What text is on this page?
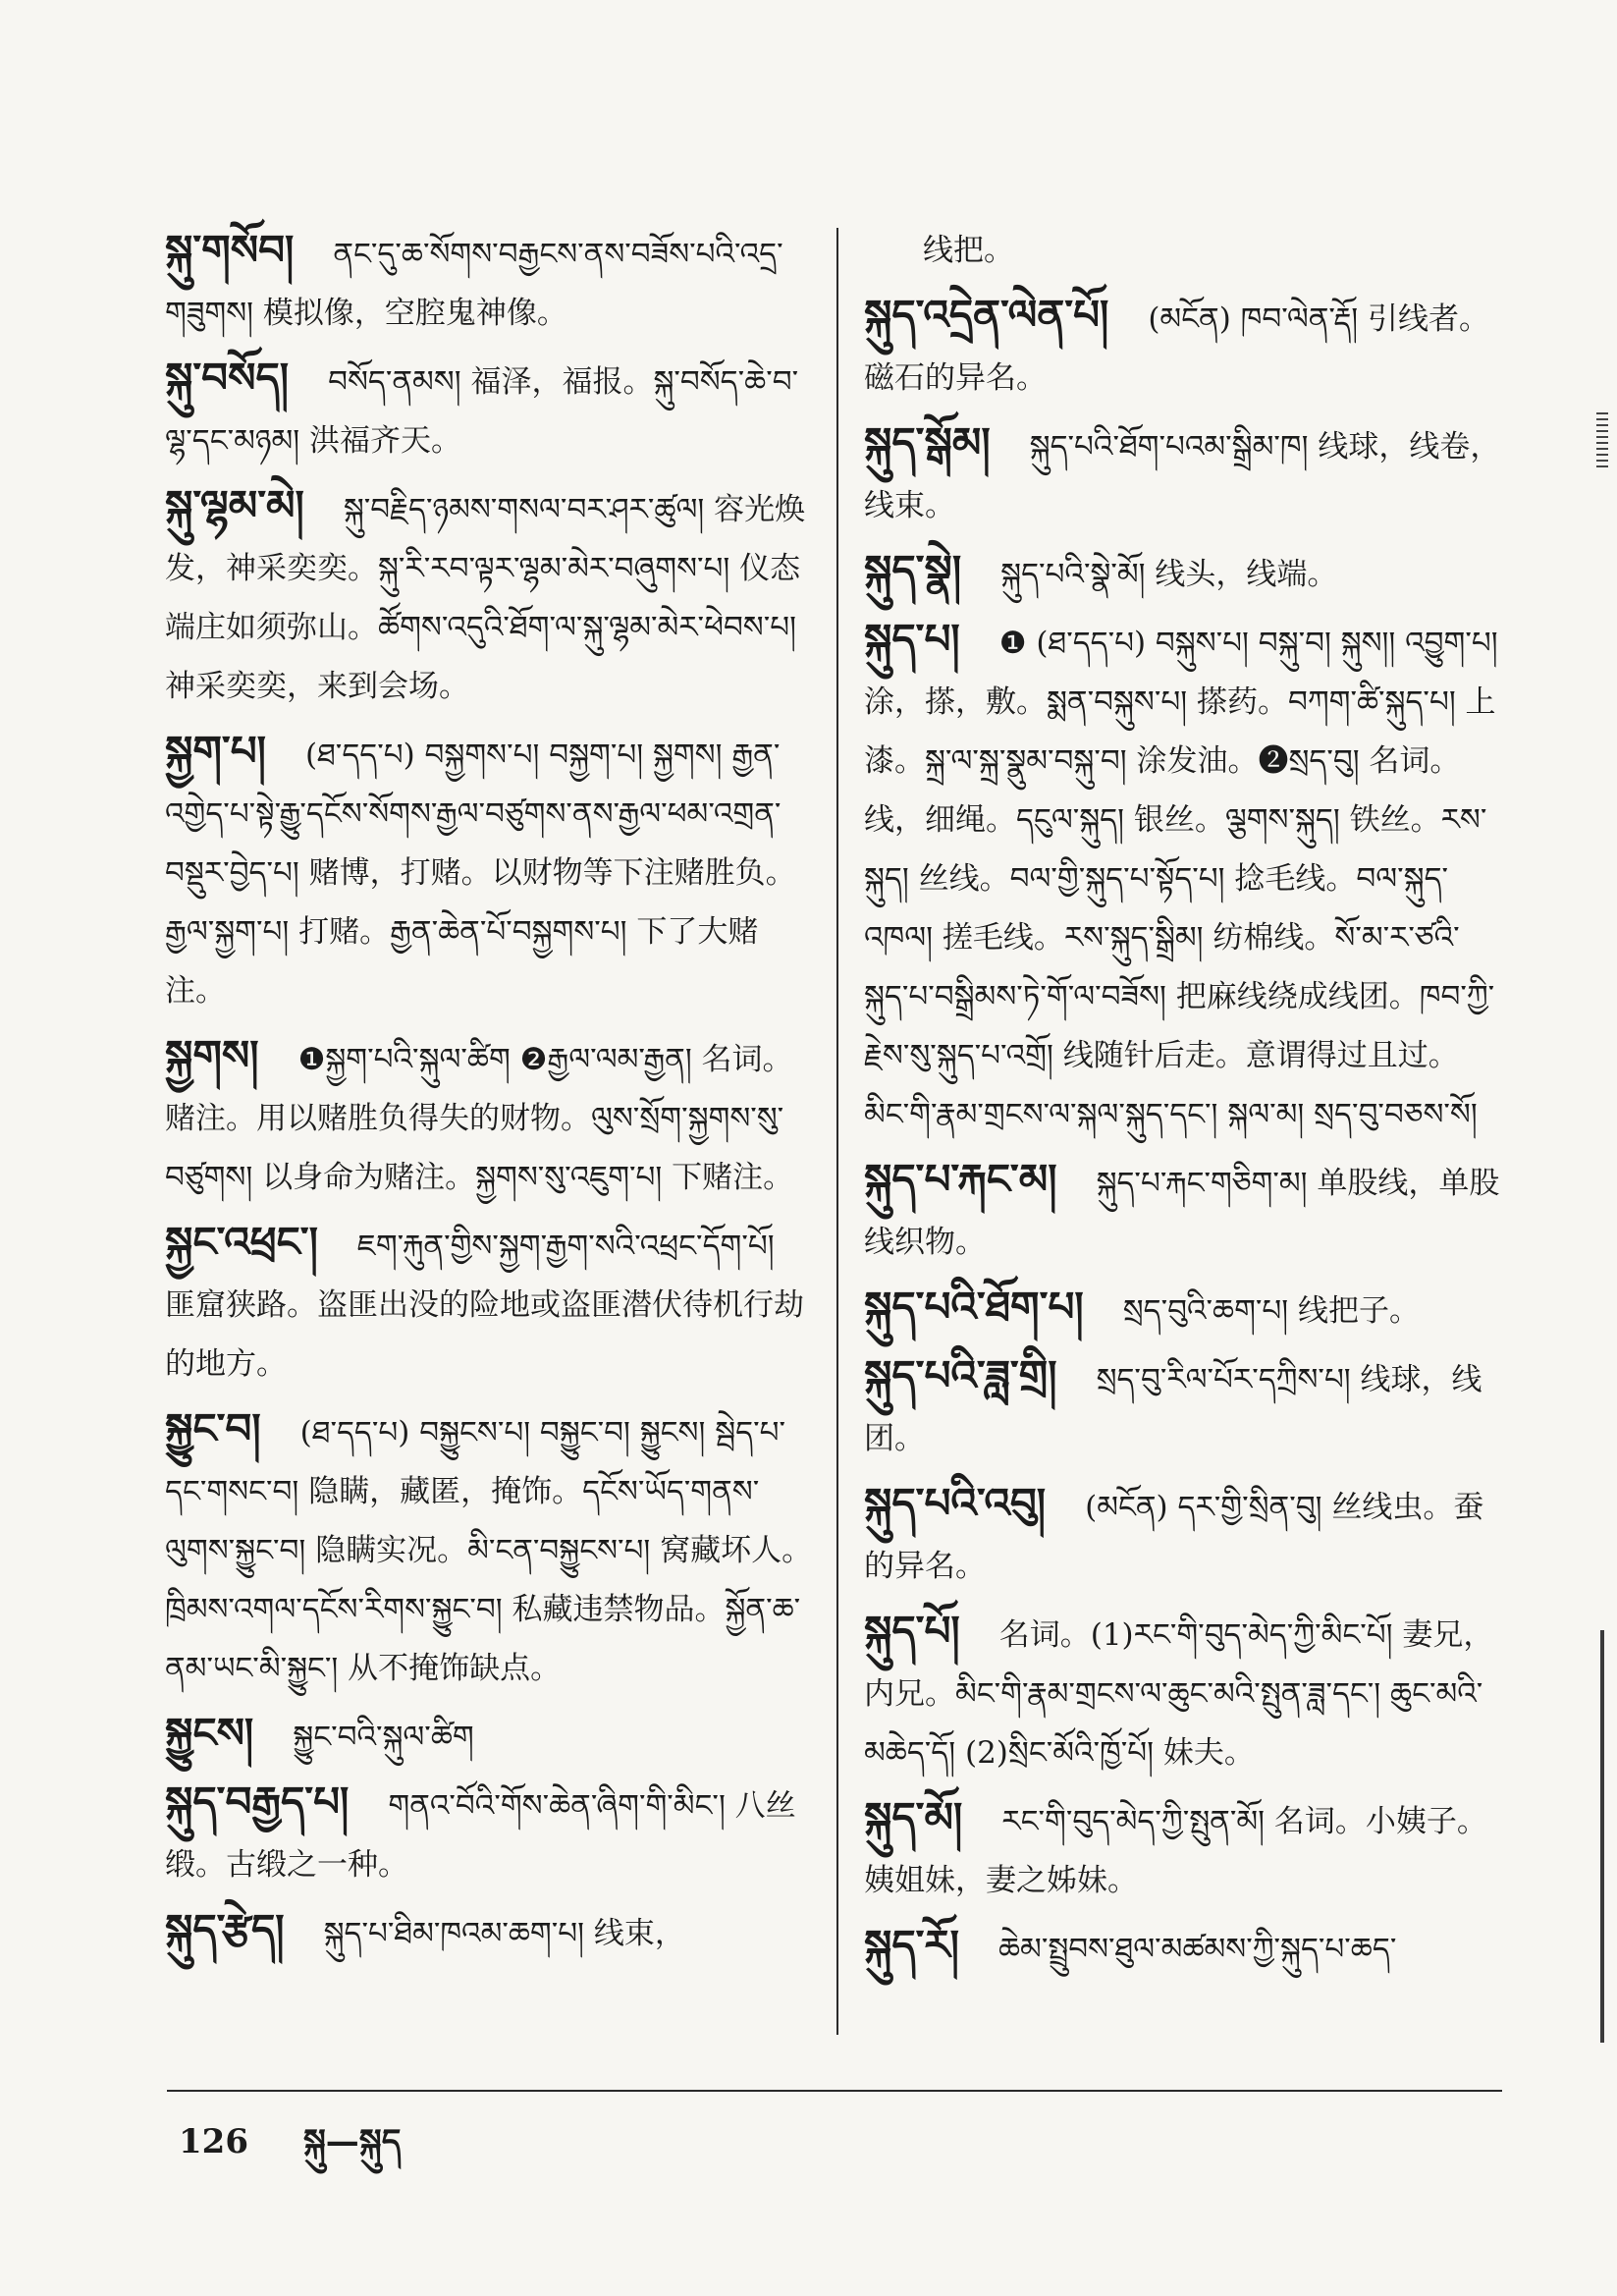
སྐུ་གསོབ། ནང་དུ་ཆ་སོགས་བརྒྱངས་ནས་བཟོས་པའི་འདྲ་གཟུགས། 模拟像，空腔鬼神像。
སྐུ་བསོད། བསོད་ནམས། 福泽，福报。སྐུ་བསོད་ཆེ་བ་ལྷ་དང་མཉམ། 洪福齐天。
སྐུ་ལྷམ་མེ། སྐུ་བརྗིད་ཉམས་གསལ་བར་ཤར་ཚུལ། 容光焕发，神采奕奕。སྐུ་རི་རབ་ལྟར་ལྷམ་མེར་བཞུགས་པ། 仪态端庄如须弥山。ཚོགས་འདུའི་ཐོག་ལ་སྐུ་ལྷམ་མེར་ཕེབས་པ། 神采奕奕，来到会场。
སྐྱག་པ། (ཐ་དད་པ) བསྐྱགས་པ། བསྐྱག་པ། སྐྱགས། རྒྱན་འགྱེད་པ་སྟེ་རྒྱུ་དངོས་སོགས་རྒྱལ་བཙུགས་ནས་རྒྱལ་ཕམ་འགྲན་བསྡུར་བྱེད་པ། 赌博，打赌。以财物等下注赌胜负。རྒྱལ་སྐྱག་པ། 打赌。རྒྱན་ཆེན་པོ་བསྐྱགས་པ། 下了大赌注。
སྐྱགས། ❶སྐྱག་པའི་སྐུལ་ཚིག ❷རྒྱལ་ལམ་རྒྱན། 名词。赌注。用以赌胜负得失的财物。ལུས་སྲོག་སྐྱགས་སུ་བཙུགས། 以身命为赌注。སྐྱགས་སུ་འཇུག་པ། 下赌注。
སྐྱང་འཕྲང་། ཇག་རྐུན་གྱིས་སྐྱག་རྒྱག་སའི་འཕྲང་དོག་པོ། 匪窟狭路。盗匪出没的险地或盗匪潜伏待机行劫的地方。
སྐྱུང་བ། (ཐ་དད་པ) བསྐྱུངས་པ། བསྐྱུང་བ། སྐྱུངས། སྦེད་པ་དང་གསང་བ། 隐瞒，藏匿，掩饰。དངོས་ཡོད་གནས་ལུགས་སྐྱུང་བ། 隐瞒实况。མི་ངན་བསྐྱུངས་པ། 窝藏坏人。ཁྲིམས་འགལ་དངོས་རིགས་སྐྱུང་བ། 私藏违禁物品。སྐྱོན་ཆ་ནམ་ཡང་མི་སྐྱུང་། 从不掩饰缺点。
སྐྱུངས། སྐྱུང་བའི་སྐུལ་ཚིག
སྐུད་བརྒྱད་པ། གནའ་བོའི་གོས་ཆེན་ཞིག་གི་མིང་། 八丝缎。古缎之一种。
སྐུད་རྩེད། སྐུད་པ་ཐིམ་ཁའམ་ཆག་པ། 线束，
线把。
སྐུད་འདྲེན་ལེན་པོ། (མངོན) ཁབ་ལེན་རྡོ། 引线者。磁石的异名。
སྐུད་སྒོམ། སྐུད་པའི་ཐོག་པའམ་སྒྲིམ་ཁ། 线球，线卷，线束。
སྐུད་སྣེ། སྐུད་པའི་སྣེ་མོ། 线头，线端。
སྐུད་པ། ❶ (ཐ་དད་པ) བསྐུས་པ། བསྐུ་བ། སྐུས།། འབྱུག་པ། 涂，搽，敷。སྨན་བསྐུས་པ། 搽药。བཀག་ཚི་སྐུད་པ། 上漆。སྐྲ་ལ་སྐྲ་སྣུམ་བསྐུ་བ། 涂发油。❷སྲད་བུ། 名词。线，细绳。དངུལ་སྐུད། 银丝。ལྕགས་སྐུད། 铁丝。རས་སྐུད། 丝线。བལ་གྱི་སྐུད་པ་སྟོད་པ། 捻毛线。བལ་སྐུད་འཁལ། 搓毛线。རས་སྐུད་སྒྲིམ། 纺棉线。སོ་མ་ར་ཙའི་སྐུད་པ་བསྒྲིམས་ཏེ་གོ་ལ་བཟོས། 把麻线绕成线团。ཁབ་ཀྱི་རྗེས་སུ་སྐུད་པ་འགྲོ། 线随针后走。意谓得过且过。མིང་གི་རྣམ་གྲངས་ལ་སྐལ་སྐུད་དང་། སྐལ་མ། སྲད་བུ་བཅས་སོ།
སྐུད་པ་རྐང་མ། སྐུད་པ་རྐང་གཅིག་མ། 单股线，单股线织物。
སྐུད་པའི་ཐོག་པ། སྲད་བུའི་ཆག་པ། 线把子。
སྐུད་པའི་ཟླ་གྲི། སྲད་བུ་རིལ་པོར་དཀྲིས་པ། 线球，线团。
སྐུད་པའི་འབུ། (མངོན) དར་གྱི་སྲིན་བུ། 丝线虫。蚕的异名。
སྐུད་པོ། 名词。(1)རང་གི་བུད་མེད་ཀྱི་མིང་པོ། 妻兄，内兄。མིང་གི་རྣམ་གྲངས་ལ་ཆུང་མའི་སྤུན་ཟླ་དང་། ཆུང་མའི་མཆེད་དོ། (2)སྲིང་མོའི་ཁྱོ་པོ། 妹夫。
སྐུད་མོ། རང་གི་བུད་མེད་ཀྱི་སྤུན་མོ། 名词。小姨子。姨姐妹，妻之姊妹。
སྐུད་རོ། ཆེམ་སྤྲུབས་ཐུལ་མཚམས་ཀྱི་སྐུད་པ་ཆད་
126 སྐུ—སྐུད
